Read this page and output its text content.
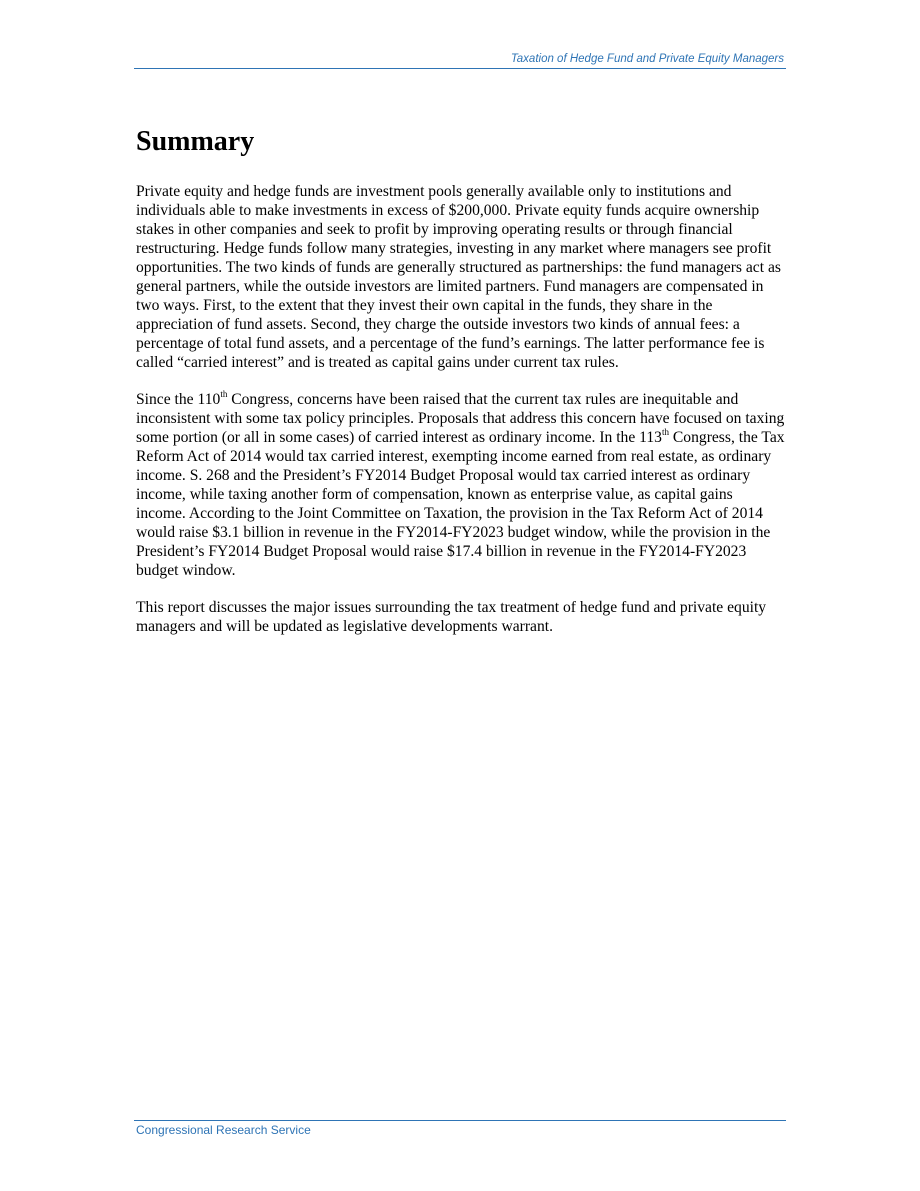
Taxation of Hedge Fund and Private Equity Managers
Summary

Private equity and hedge funds are investment pools generally available only to institutions and individuals able to make investments in excess of $200,000. Private equity funds acquire ownership stakes in other companies and seek to profit by improving operating results or through financial restructuring. Hedge funds follow many strategies, investing in any market where managers see profit opportunities. The two kinds of funds are generally structured as partnerships: the fund managers act as general partners, while the outside investors are limited partners. Fund managers are compensated in two ways. First, to the extent that they invest their own capital in the funds, they share in the appreciation of fund assets. Second, they charge the outside investors two kinds of annual fees: a percentage of total fund assets, and a percentage of the fund’s earnings. The latter performance fee is called “carried interest” and is treated as capital gains under current tax rules.

Since the 110th Congress, concerns have been raised that the current tax rules are inequitable and inconsistent with some tax policy principles. Proposals that address this concern have focused on taxing some portion (or all in some cases) of carried interest as ordinary income. In the 113th Congress, the Tax Reform Act of 2014 would tax carried interest, exempting income earned from real estate, as ordinary income. S. 268 and the President’s FY2014 Budget Proposal would tax carried interest as ordinary income, while taxing another form of compensation, known as enterprise value, as capital gains income. According to the Joint Committee on Taxation, the provision in the Tax Reform Act of 2014 would raise $3.1 billion in revenue in the FY2014-FY2023 budget window, while the provision in the President’s FY2014 Budget Proposal would raise $17.4 billion in revenue in the FY2014-FY2023 budget window.

This report discusses the major issues surrounding the tax treatment of hedge fund and private equity managers and will be updated as legislative developments warrant.

Congressional Research Service
